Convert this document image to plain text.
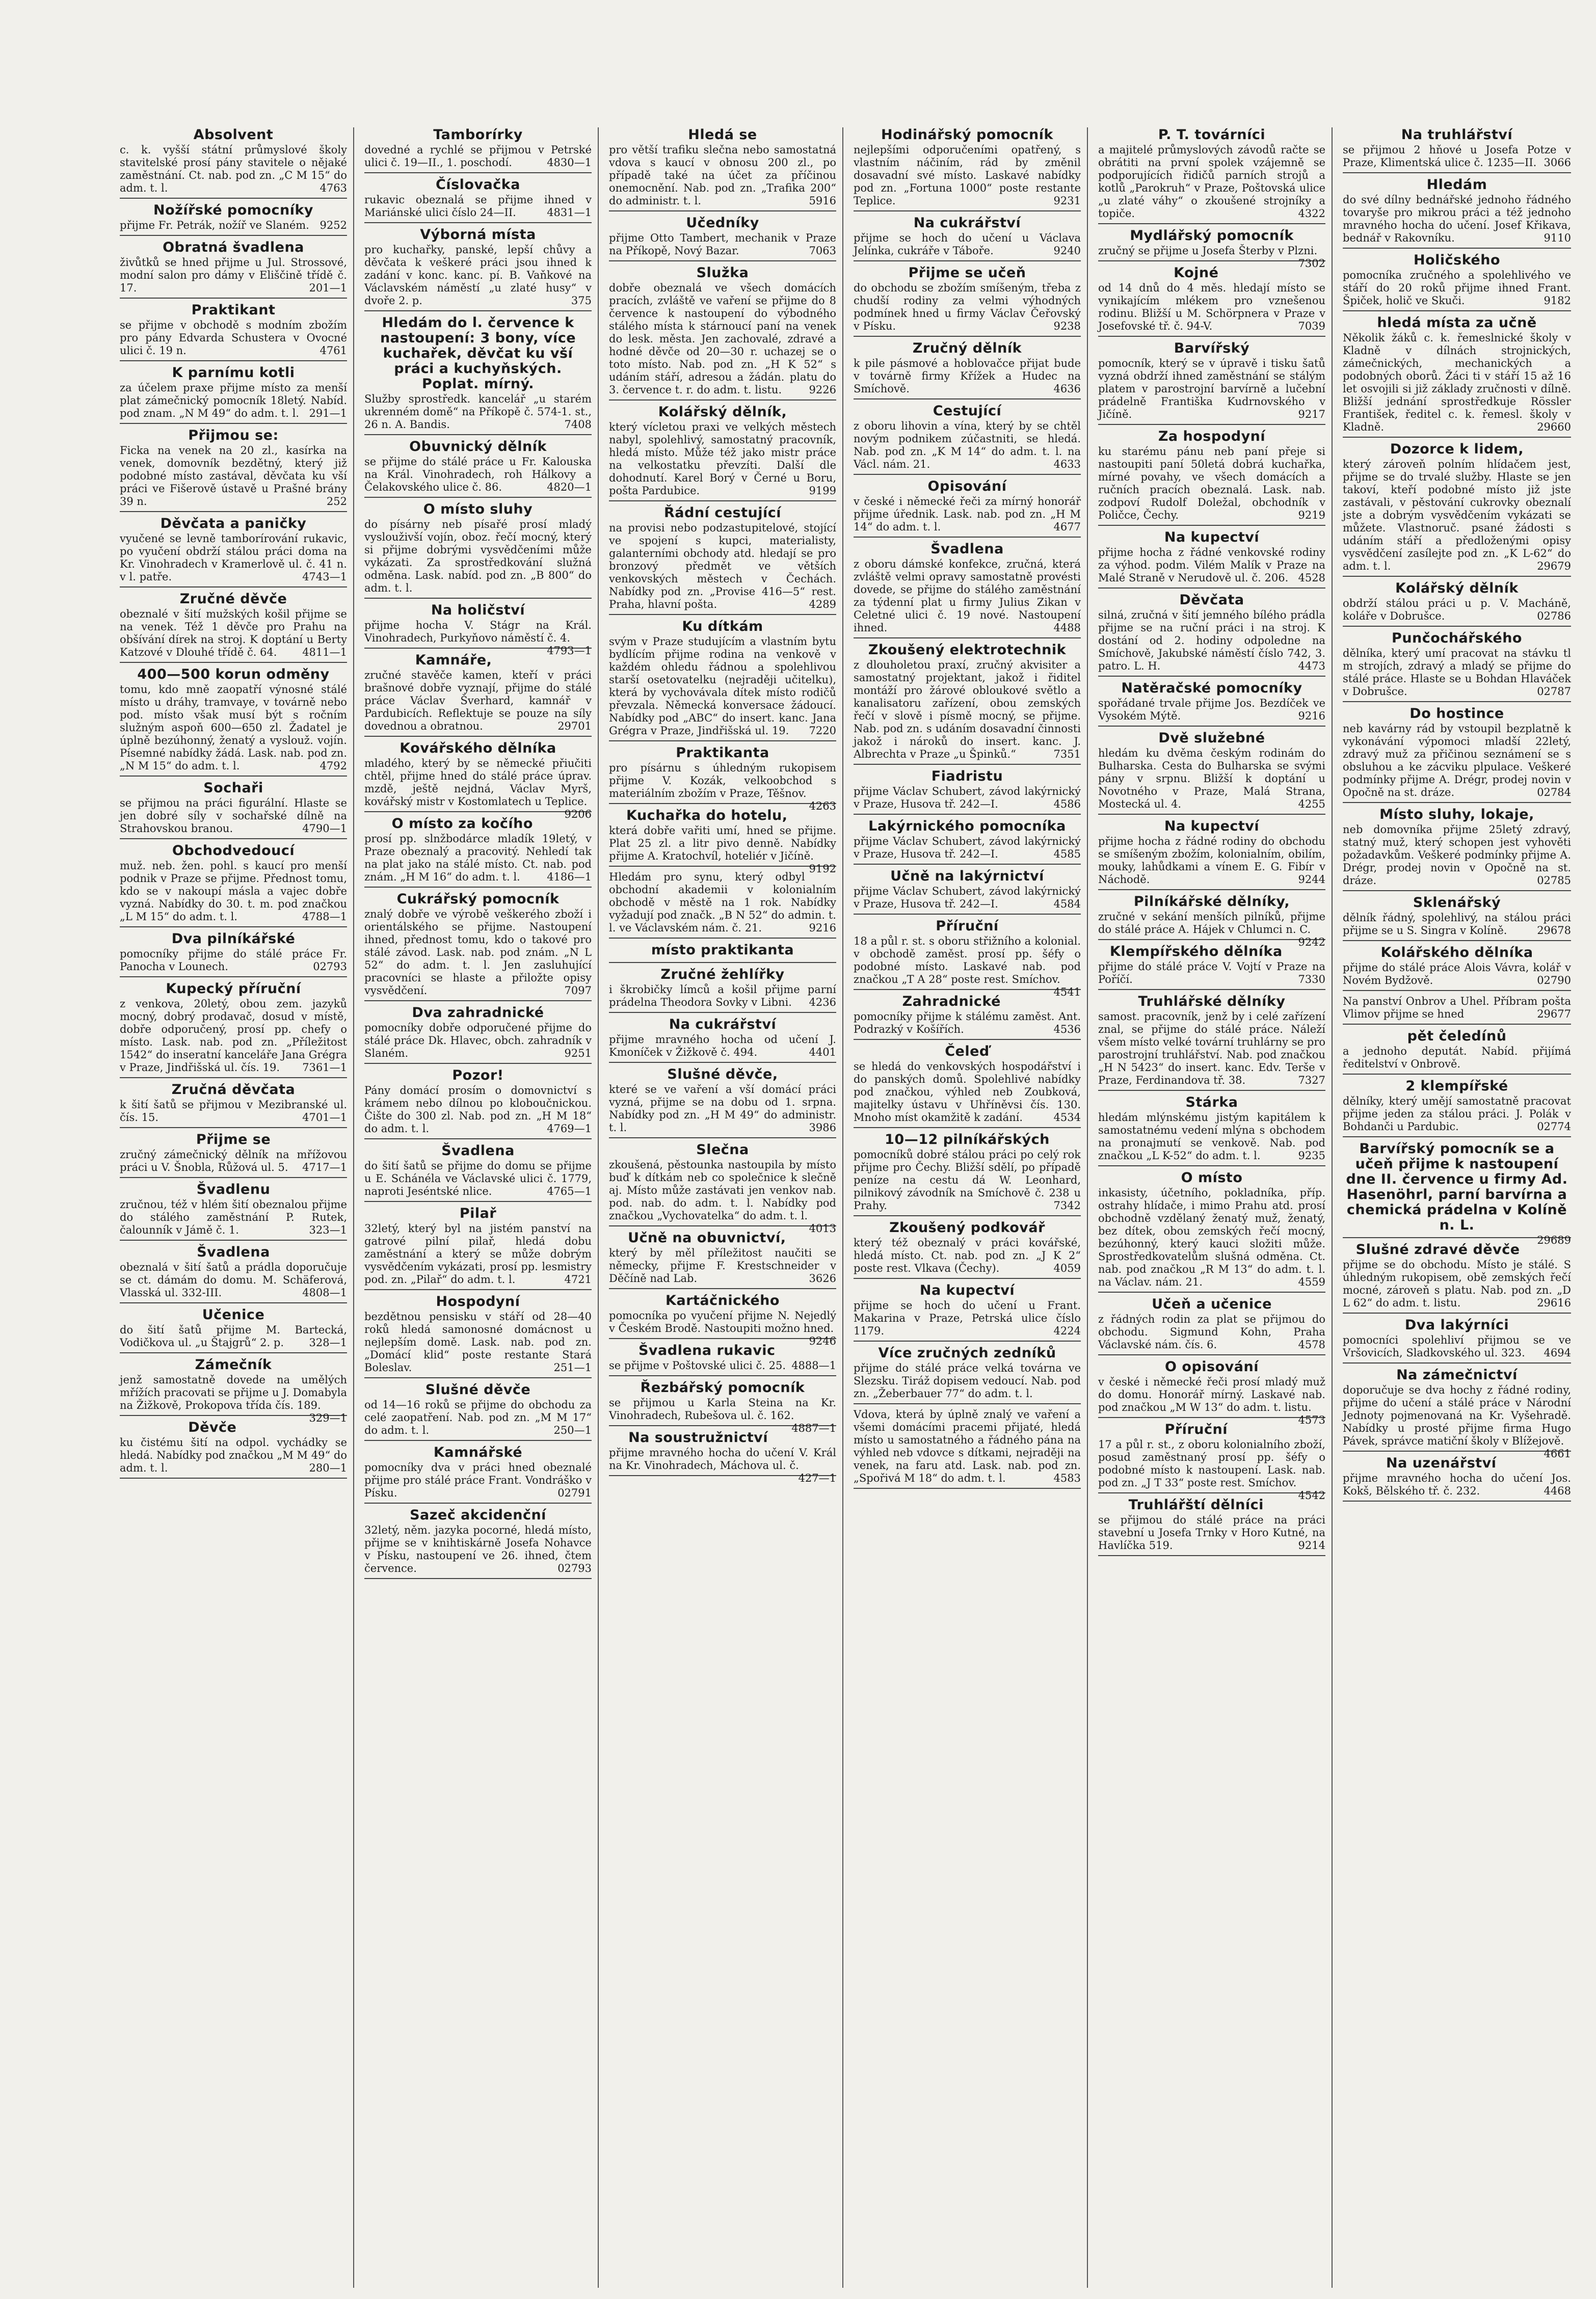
Absolvent

c. k. vyšší státní průmyslové školy stavitelské prosí pány stavitele o nějaké zaměstnání. Ct. nab. pod zn. „C M 15“ do adm. t. l.	4763

Nožířské pomocníky

přijme Fr. Petrák, nožíř ve Slaném. 9252

Obratná švadlena

živůtků se hned přijme u Jul. Strossové, modní salon pro dámy v Eliščině třídě č. 17.	201—1

Praktikant

se přijme v obchodě s modním zbožím pro pány Edvarda Schustera v Ovocné ulici č. 19 n.	4761

K parnímu kotli

za účelem praxe přijme místo za menší plat zámečnický pomocník 18letý. Nabíd. pod znam. „N M 49“ do adm. t. l. 291—1

Přijmou se:

Ficka na venek na 20 zl., kasírka na venek, domovník bezdětný, který již podobné místo zastával, děvčata ku vší práci ve Fišerově ústavě u Prašné brány 39 n.	252

Děvčata a paničky

vyučené se levně tamborírování rukavic, po vyučení obdrží stálou práci doma na Kr. Vinohradech v Kramerlově ul. č. 41 n. v l. patře.	4743—1

Zručné děvče

obeznalé v šití mužských košil přijme se na venek. Též 1 děvče pro Prahu na obšívání dírek na stroj. K doptání u Berty Katzové v Dlouhé třídě č. 64.	4811—1

400—500 korun odměny

tomu, kdo mně zaopatří výnosné stálé místo u dráhy, tramvaye, v továrně nebo pod. místo však musí být s ročním služným aspoň 600—650 zl. Žadatel je úplně bezúhonný, ženatý a vyslouž. vojín. Písemné nabídky žádá. Lask. nab. pod zn. „N M 15“ do adm. t. l.	4792

Sochaři

se přijmou na práci figurální. Hlaste se jen dobré síly v sochařské dílně na Strahovskou branou.	4790—1

Obchodvedoucí

muž. neb. žen. pohl. s kaucí pro menší podnik v Praze se přijme. Přednost tomu, kdo se v nakoupí másla a vajec dobře vyzná. Nabídky do 30. t. m. pod značkou „L M 15“ do adm. t. l.	4788—1

Dva pilníkářské

pomocníky přijme do stálé práce Fr. Panocha v Lounech.	02793

Kupecký příruční

z venkova, 20letý, obou zem. jazyků mocný, dobrý prodavač, dosud v místě, dobře odporučený, prosí pp. chefy o místo. Lask. nab. pod zn. „Příležitost 1542“ do inseratní kanceláře Jana Grégra v Praze, Jindřišská ul. čís. 19.	7361—1

Zručná děvčata

k šití šatů se přijmou v Mezibranské ul. čís. 15.	4701—1

Přijme se

zručný zámečnický dělník na mřížovou práci u V. Šnobla, Růžová ul. 5.	4717—1

Švadlenu

zručnou, též v hlém šití obeznalou přijme do stálého zaměstnání P. Rutek, čalounník v Jámě č. 1.	323—1

Švadlena

obeznalá v šití šatů a prádla doporučuje se ct. dámám do domu. M. Schäferová, Vlasská ul. 332-III.	4808—1

Učenice

do šití šatů přijme M. Bartecká, Vodičkova ul. „u Štajgrů“ 2. p.	328—1

Zámečník

jenž samostatně dovede na umělých mřížích pracovati se přijme u J. Domabyla na Žižkově, Prokopova třída čís. 189.
329—1

Děvče

ku čistému šití na odpol. vychádky se hledá. Nabídky pod značkou „M M 49“ do adm. t. l.	280—1

Tamborírky

dovedné a rychlé se přijmou v Petrské ulici č. 19—II., 1. poschodí.	4830—1

Číslovačka

rukavic obeznalá se přijme ihned v Mariánské ulici číslo 24—II.	4831—1

Výborná místa

pro kuchařky, panské, lepší chůvy a děvčata k veškeré práci jsou ihned k zadání v konc. kanc. pí. B. Vaňkové na Václavském náměstí „u zlaté husy“ v dvoře 2. p.	375

Hledám do l. července k nastoupení: 3 bony, více kuchařek, děvčat ku vší práci a kuchyňských. Poplat. mírný.

Služby sprostředk. kancelář „u starém ukrenném domě“ na Příkopě č. 574-1. st., 26 n. A. Bandis.	7408

Obuvnický dělník

se přijme do stálé práce u Fr. Kalouska na Král. Vinohradech, roh Hálkovy a Čelakovského ulice č. 86.	4820—1

O místo sluhy

do písárny neb písařé prosí mladý vyslouživší vojín, oboz. řečí mocný, který si přijme dobrými vysvědčeními může vykázati. Za sprostředkování služná odměna. Lask. nabíd. pod zn. „B 800“ do adm. t. l.

Na holičství

přijme hocha V. Stágr na Král. Vinohradech, Purkyňovo náměstí č. 4.
4793—1

Kamnáře,

zručné stavěče kamen, kteří v práci brašnové dobře vyznají, přijme do stálé práce Václav Šverhard, kamnář v Pardubicích. Reflektuje se pouze na síly dovednou a obratnou.	29701

Kovářského dělníka

mladého, který by se německé přiučiti chtěl, přijme hned do stálé práce úprav. mzdě, ještě nejdná, Václav Myrš, kovářský mistr v Kostomlatech u Teplice.
9206

O místo za kočího

prosí pp. slnžbodárce mladík 19letý, v Praze obeznalý a pracovitý. Nehledí tak na plat jako na stálé místo. Ct. nab. pod znám. „H M 16“ do adm. t. l.	4186—1

Cukrářský pomocník

znalý dobře ve výrobě veškerého zboží i orientálského se přijme. Nastoupení ihned, přednost tomu, kdo o takové pro stálé závod. Lask. nab. pod znám. „N L 52“ do adm. t. l. Jen zasluhující pracovníci se hlaste a přiložte opisy vysvědčení.	7097

Dva zahradnické

pomocníky dobře odporučené přijme do stálé práce Dk. Hlavec, obch. zahradník v Slaném.	9251

Pozor!

Pány domácí prosím o domovnictví s krámem nebo dílnou po kloboučnickou. Čište do 300 zl. Nab. pod zn. „H M 18“ do adm. t. l.	4769—1

Švadlena

do šití šatů se přijme do domu se přijme u E. Schánéla ve Václavské ulici č. 1779, naproti Jeséntské nlice.	4765—1

Pilař

32letý, který byl na jistém panství na gatrové pilní pilař, hledá dobu zaměstnání a který se může dobrým vysvědčením vykázati, prosí pp. lesmistry pod. zn. „Pilař“ do adm. t. l.	4721

Hospodyní

bezdětnou pensisku v stáří od 28—40 roků hledá samonosné domácnost u nejlepším domě. Lask. nab. pod zn. „Domácí klid“ poste restante Stará Boleslav.	251—1

Slušné děvče

od 14—16 roků se přijme do obchodu za celé zaopatření. Nab. pod zn. „M M 17“ do adm. t. l.	250—1

Kamnářské

pomocníky dva v práci hned obeznalé přijme pro stálé práce Frant. Vondráško v Písku.	02791

Sazeč akcidenční

32letý, něm. jazyka pocorné, hledá místo, přijme se v knihtiskárně Josefa Nohavce v Písku, nastoupení ve 26. ihned, čtem července.	02793

Hledá se

pro větší trafiku slečna nebo samostatná vdova s kaucí v obnosu 200 zl., po případě také na účet za příčinou onemocnění. Nab. pod zn. „Trafika 200“ do administr. t. l.	5916

Učedníky

přijme Otto Tambert, mechanik v Praze na Příkopě, Nový Bazar.	7063

Služka

dobře obeznalá ve všech domácích pracích, zvláště ve vaření se přijme do 8 července k nastoupení do výbodného stálého místa k stárnoucí paní na venek do lesk. města. Jen zachovalé, zdravé a hodné děvče od 20—30 r. uchazej se o toto místo. Nab. pod zn. „H K 52“ s udáním stáří, adresou a žádán. platu do 3. července t. r. do adm. t. listu.	9226

Kolářský dělník,

který vícletou praxi ve velkých městech nabyl, spolehlivý, samostatný pracovník, hledá místo. Může též jako mistr práce na velkostatku převzíti. Další dle dohodnutí. Karel Borý v Černé u Boru, pošta Pardubice.	9199

Řádní cestující

na provisi nebo podzastupitelové, stojící ve spojení s kupci, materialisty, galanterními obchody atd. hledají se pro bronzový předmět ve větších venkovských městech v Čechách. Nabídky pod zn. „Provise 416—5“ rest. Praha, hlavní pošta.	4289

Ku dítkám

svým v Praze studujícím a vlastním bytu bydlícím přijme rodina na venkově v každém ohledu řádnou a spolehlivou starší osetovatelku (nejraději učitelku), která by vychovávala dítek místo rodičů převzala. Německá konversace žádoucí. Nabídky pod „ABC“ do insert. kanc. Jana Grégra v Praze, Jindřišská ul. 19.	7220

Praktikanta

pro písárnu s úhledným rukopisem přijme V. Kozák, velkoobchod s materiálním zbožím v Praze, Těšnov.
4263

Kuchařka do hotelu,

která dobře vařiti umí, hned se přijme. Plat 25 zl. a litr pivo denně. Nabídky přijme A. Kratochvíl, hoteliér v Jičíně.
9192

Hledám pro synu, který odbyl obchodní akademii v kolonialním obchodě v městě na 1 rok. Nabídky vyžadují pod značk. „B N 52“ do admin. t. l. ve Václavském nám. č. 21.	9216

místo praktikanta

Zručné žehlířky

i škrobičky límců a košil přijme parní prádelna Theodora Sovky v Libni.	4236

Na cukrářství

přijme mravného hocha od učení J. Kmoníček v Žižkově č. 494.	4401

Slušné děvče,

které se ve vaření a vší domácí práci vyzná, přijme se na dobu od 1. srpna. Nabídky pod zn. „H M 49“ do administr. t. l.	3986

Slečna

zkoušená, pěstounka nastoupila by místo buď k dítkám neb co společnice k slečně aj. Místo může zastávati jen venkov nab. pod. nab. do adm. t. l. Nabídky pod značkou „Vychovatelka“ do adm. t. l.
4013

Učně na obuvnictví,

který by měl příležitost naučiti se německy, přijme F. Krestschneider v Děčíně nad Lab.	3626

Kartáčnického

pomocníka po vyučení přijme N. Nejedlý v Českém Brodě. Nastoupiti možno hned.
9246

Švadlena rukavic

se přijme v Poštovské ulici č. 25. 4888—1

Řezbářský pomocník

se přijmou u Karla Steina na Kr. Vinohradech, Rubešova ul. č. 162.
4887—1

Na soustružnictví

přijme mravného hocha do učení V. Král na Kr. Vinohradech, Máchova ul. č.
427—1

Hodinářský pomocník

nejlepšími odporučeními opatřený, s vlastním náčiním, rád by změnil dosavadní své místo. Laskavé nabídky pod zn. „Fortuna 1000“ poste restante Teplice.	9231

Na cukrářství

přijme se hoch do učení u Václava Jelínka, cukráře v Táboře.	9240

Přijme se učeň

do obchodu se zbožím smíšeným, třeba z chudší rodiny za velmi výhodných podmínek hned u firmy Václav Čeřovský v Písku.	9238

Zručný dělník

k pile pásmové a hoblovačce přijat bude v továrně firmy Křížek a Hudec na Smíchově.	4636

Cestující

z oboru lihovin a vína, který by se chtěl novým podnikem zúčastniti, se hledá. Nab. pod zn. „K M 14“ do adm. t. l. na Václ. nám. 21.	4633

Opisování

v české i německé řeči za mírný honorář přijme úřednik. Lask. nab. pod zn. „H M 14“ do adm. t. l.	4677

Švadlena

z oboru dámské konfekce, zručná, která zvláště velmi opravy samostatně provésti dovede, se přijme do stálého zaměstnání za týdenní plat u firmy Julius Zikan v Celetné ulici č. 19 nové. Nastoupení ihned.	4488

Zkoušený elektrotechnik

z dlouholetou praxí, zručný akvisiter a samostatný projektant, jakož i řiditel montáží pro žárové obloukové světlo a kanalisatoru zařízení, obou zemských řečí v slově i písmě mocný, se přijme. Nab. pod zn. s udáním dosavadní činnosti jakož i nároků do insert. kanc. J. Albrechta v Praze „u Špinků.“	7351

Fiadristu

přijme Václav Schubert, závod lakýrnický v Praze, Husova tř. 242—I.	4586

Lakýrnického pomocníka

přijme Václav Schubert, závod lakýrnický v Praze, Husova tř. 242—I.	4585

Učně na lakýrnictví

přijme Václav Schubert, závod lakýrnický v Praze, Husova tř. 242—I.	4584

Příruční

18 a půl r. st. s oboru střižního a kolonial. v obchodě zaměst. prosí pp. šéfy o podobné místo. Laskavé nab. pod značkou „T A 28“ poste rest. Smíchov.
4541

Zahradnické

pomocníky přijme k stálému zaměst. Ant. Podrazký v Košířích.	4536

Čeleď

se hledá do venkovských hospodářství i do panských domů. Spolehlivé nabídky pod značkou, výhled neb Zoubková, majitelky ústavu v Uhříněvsi čís. 130. Mnoho míst okamžitě k zadání.	4534

10—12 pilníkářských

pomocníků dobré stálou práci po celý rok přijme pro Čechy. Bližší sdělí, po případě peníze na cestu dá W. Leonhard, pilnikový závodník na Smíchově č. 238 u Prahy.	7342

Zkoušený podkovář

který též obeznalý v práci kovářské, hledá místo. Ct. nab. pod zn. „J K 2“ poste rest. Vlkava (Čechy).	4059

Na kupectví

přijme se hoch do učení u Frant. Makarina v Praze, Petrská ulice číslo 1179.	4224

Více zručných zedníků

přijme do stálé práce velká továrna ve Slezsku. Tiráž dopisem vedoucí. Nab. pod zn. „Žeberbauer 77“ do adm. t. l.

Vdova, která by úplně znalý ve vaření a všemi domácími pracemi přijaté, hledá místo u samostatného a řádného pána na výhled neb vdovce s dítkami, nejraději na venek, na faru atd. Lask. nab. pod zn. „Spořivá M 18“ do adm. t. l.	4583

P. T. továrníci

a majitelé průmyslových závodů račte se obrátiti na první spolek vzájemně se podporujících řidičů parních strojů a kotlů „Parokruh“ v Praze, Poštovská ulice „u zlaté váhy“ o zkoušené strojníky a topiče.	4322

Mydlářský pomocník

zručný se přijme u Josefa Šterby v Plzni.
7302

Kojné

od 14 dnů do 4 měs. hledají místo se vynikajícím mlékem pro vznešenou rodinu. Bližší u M. Schörpnera v Praze v Josefovské tř. č. 94-V.	7039

Barvířský

pomocník, který se v úpravě i tisku šatů vyzná obdrží ihned zaměstnání se stálým platem v parostrojní barvírně a lučební prádelně Františka Kudrnovského v Jičíně.	9217

Za hospodyní

ku starému pánu neb paní přeje si nastoupiti paní 50letá dobrá kuchařka, mírné povahy, ve všech domácích a ručních pracích obeznalá. Lask. nab. zodpoví Rudolf Doležal, obchodník v Poličce, Čechy.	9219

Na kupectví

přijme hocha z řádné venkovské rodiny za výhod. podm. Vilém Malík v Praze na Malé Straně v Nerudově ul. č. 206. 4528

Děvčata

silná, zručná v šití jemného bílého prádla přijme se na ruční práci i na stroj. K dostání od 2. hodiny odpoledne na Smíchově, Jakubské náměstí číslo 742, 3. patro. L. H.	4473

Natěračské pomocníky

spořádané trvale přijme Jos. Bezdíček ve Vysokém Mýtě.	9216

Dvě služebné

hledám ku dvěma českým rodinám do Bulharska. Cesta do Bulharska se svými pány v srpnu. Bližší k doptání u Novotného v Praze, Malá Strana, Mostecká ul. 4.	4255

Na kupectví

přijme hocha z řádné rodiny do obchodu se smíšeným zbožím, kolonialním, obilím, mouky, lahůdkami a vínem E. G. Fibír v Náchodě.	9244

Pilníkářské dělníky,

zručné v sekání menších pilníků, přijme do stálé práce A. Hájek v Chlumci n. C.
9242

Klempířského dělníka

přijme do stálé práce V. Vojtí v Praze na Poříčí.	7330

Truhlářské dělníky

samost. pracovník, jenž by i celé zařízení znal, se přijme do stálé práce. Náleží všem místo velké tovární truhlárny se pro parostrojní truhlářství. Nab. pod značkou „H N 5423“ do insert. kanc. Edv. Terše v Praze, Ferdinandova tř. 38.	7327

Stárka

hledám mlýnskému jistým kapitálem k samostatnému vedení mlýna s obchodem na pronajmutí se venkově. Nab. pod značkou „L K-52“ do adm. t. l.	9235

O místo

inkasisty, účetního, pokladníka, příp. ostrahy hlídače, i mimo Prahu atd. prosí obchodně vzdělaný ženatý muž, ženatý, bez dítek, obou zemských řečí mocný, bezúhonný, který kauci složiti může. Sprostředkovatelům slušná odměna. Ct. nab. pod značkou „R M 13“ do adm. t. l. na Václav. nám. 21.	4559

Učeň a učenice

z řádných rodin za plat se přijmou do obchodu. Sigmund Kohn, Praha Václavské nám. čís. 6.	4578

O opisování

v české i německé řeči prosí mladý muž do domu. Honorář mírný. Laskavé nab. pod značkou „M W 13“ do adm. t. listu.
4573

Příruční

17 a půl r. st., z oboru kolonialního zboží, posud zaměstnaný prosí pp. šéfy o podobné místo k nastoupení. Lask. nab. pod zn. „J T 33“ poste rest. Smíchov.
4542

Truhlářští dělníci

se přijmou do stálé práce na práci stavební u Josefa Trnky v Horo Kutné, na Havlíčka 519.	9214

Na truhlářství

se přijmou 2 hňové u Josefa Potze v Praze, Klimentská ulice č. 1235—II. 3066

Hledám

do své dílny bednářské jednoho řádného tovaryše pro mikrou práci a též jednoho mravného hocha do učení. Josef Křikava, bednář v Rakovníku.	9110

Holičského

pomocníka zručného a spolehlivého ve stáří do 20 roků přijme ihned Frant. Špiček, holič ve Skuči.	9182

hledá místa za učně

Několik žáků c. k. řemeslnické školy v Kladně v dílnách strojnických, zámečnických, mechanických a podobných oborů. Žáci ti v stáří 15 až 16 let osvojili si již základy zručnosti v dílně. Bližší jednání sprostředkuje Rössler František, ředitel c. k. řemesl. školy v Kladně.	29660

Dozorce k lidem,

který zároveň polním hlídačem jest, přijme se do trvalé služby. Hlaste se jen takoví, kteří podobné místo již jste zastávali, v pěstování cukrovky obeznalí jste a dobrým vysvědčením vykázati se můžete. Vlastnoruč. psané žádosti s udáním stáří a předloženými opisy vysvědčení zasílejte pod zn. „K L-62“ do adm. t. l.	29679

Kolářský dělník

obdrží stálou práci u p. V. Macháně, koláře v Dobrušce.	02786

Punčochářského

dělníka, který umí pracovat na stávku tl m strojích, zdravý a mladý se přijme do stálé práce. Hlaste se u Bohdan Hlaváček v Dobrušce.	02787

Do hostince

neb kavárny rád by vstoupil bezplatně k vykonávání výpomoci mladší 22letý, zdravý muž za přičinou seznámení se s obsluhou a ke zácviku plpulace. Veškeré podmínky přijme A. Drégr, prodej novin v Opočně na st. dráze.	02784

Místo sluhy, lokaje,

neb domovníka přijme 25letý zdravý, statný muž, který schopen jest vyhověti požadavkům. Veškeré podmínky přijme A. Drégr, prodej novin v Opočně na st. dráze.	02785

Sklenářský

dělník řádný, spolehlivý, na stálou práci přijme se u S. Singra v Kolíně.	29678

Kolářského dělníka

přijme do stálé práce Alois Vávra, kolář v Novém Bydžově.	02790

Na panství Onbrov a Uhel. Příbram pošta Vlimov přijme se hned	29677

pět čeledínů

a jednoho deputát. Nabíd. přijímá ředitelství v Onbrově.

2 klempířské

dělníky, který umějí samostatně pracovat přijme jeden za stálou práci. J. Polák v Bohdanči u Pardubic.	02774

Barvířský pomocník se a učeň přijme k nastoupení dne II. července u firmy Ad. Hasenöhrl, parní barvírna a chemická prádelna v Kolíně n. L.

29689

Slušné zdravé děvče

přijme se do obchodu. Místo je stálé. S úhledným rukopisem, obě zemských řečí mocné, zároveň s platu. Nab. pod zn. „D L 62“ do adm. t. listu.	29616

Dva lakýrníci

pomocníci spolehliví přijmou se ve Vršovicích, Sladkovského ul. 323.	4694

Na zámečnictví

doporučuje se dva hochy z řádné rodiny, přijme do učení a stálé práce v Národní Jednoty pojmenovaná na Kr. Vyšehradě. Nabídky u prosté přijme firma Hugo Pávek, správce matiční školy v Blížejově.
4661

Na uzenářství

přijme mravného hocha do učení Jos. Kokš, Bělského tř. č. 232.	4468
